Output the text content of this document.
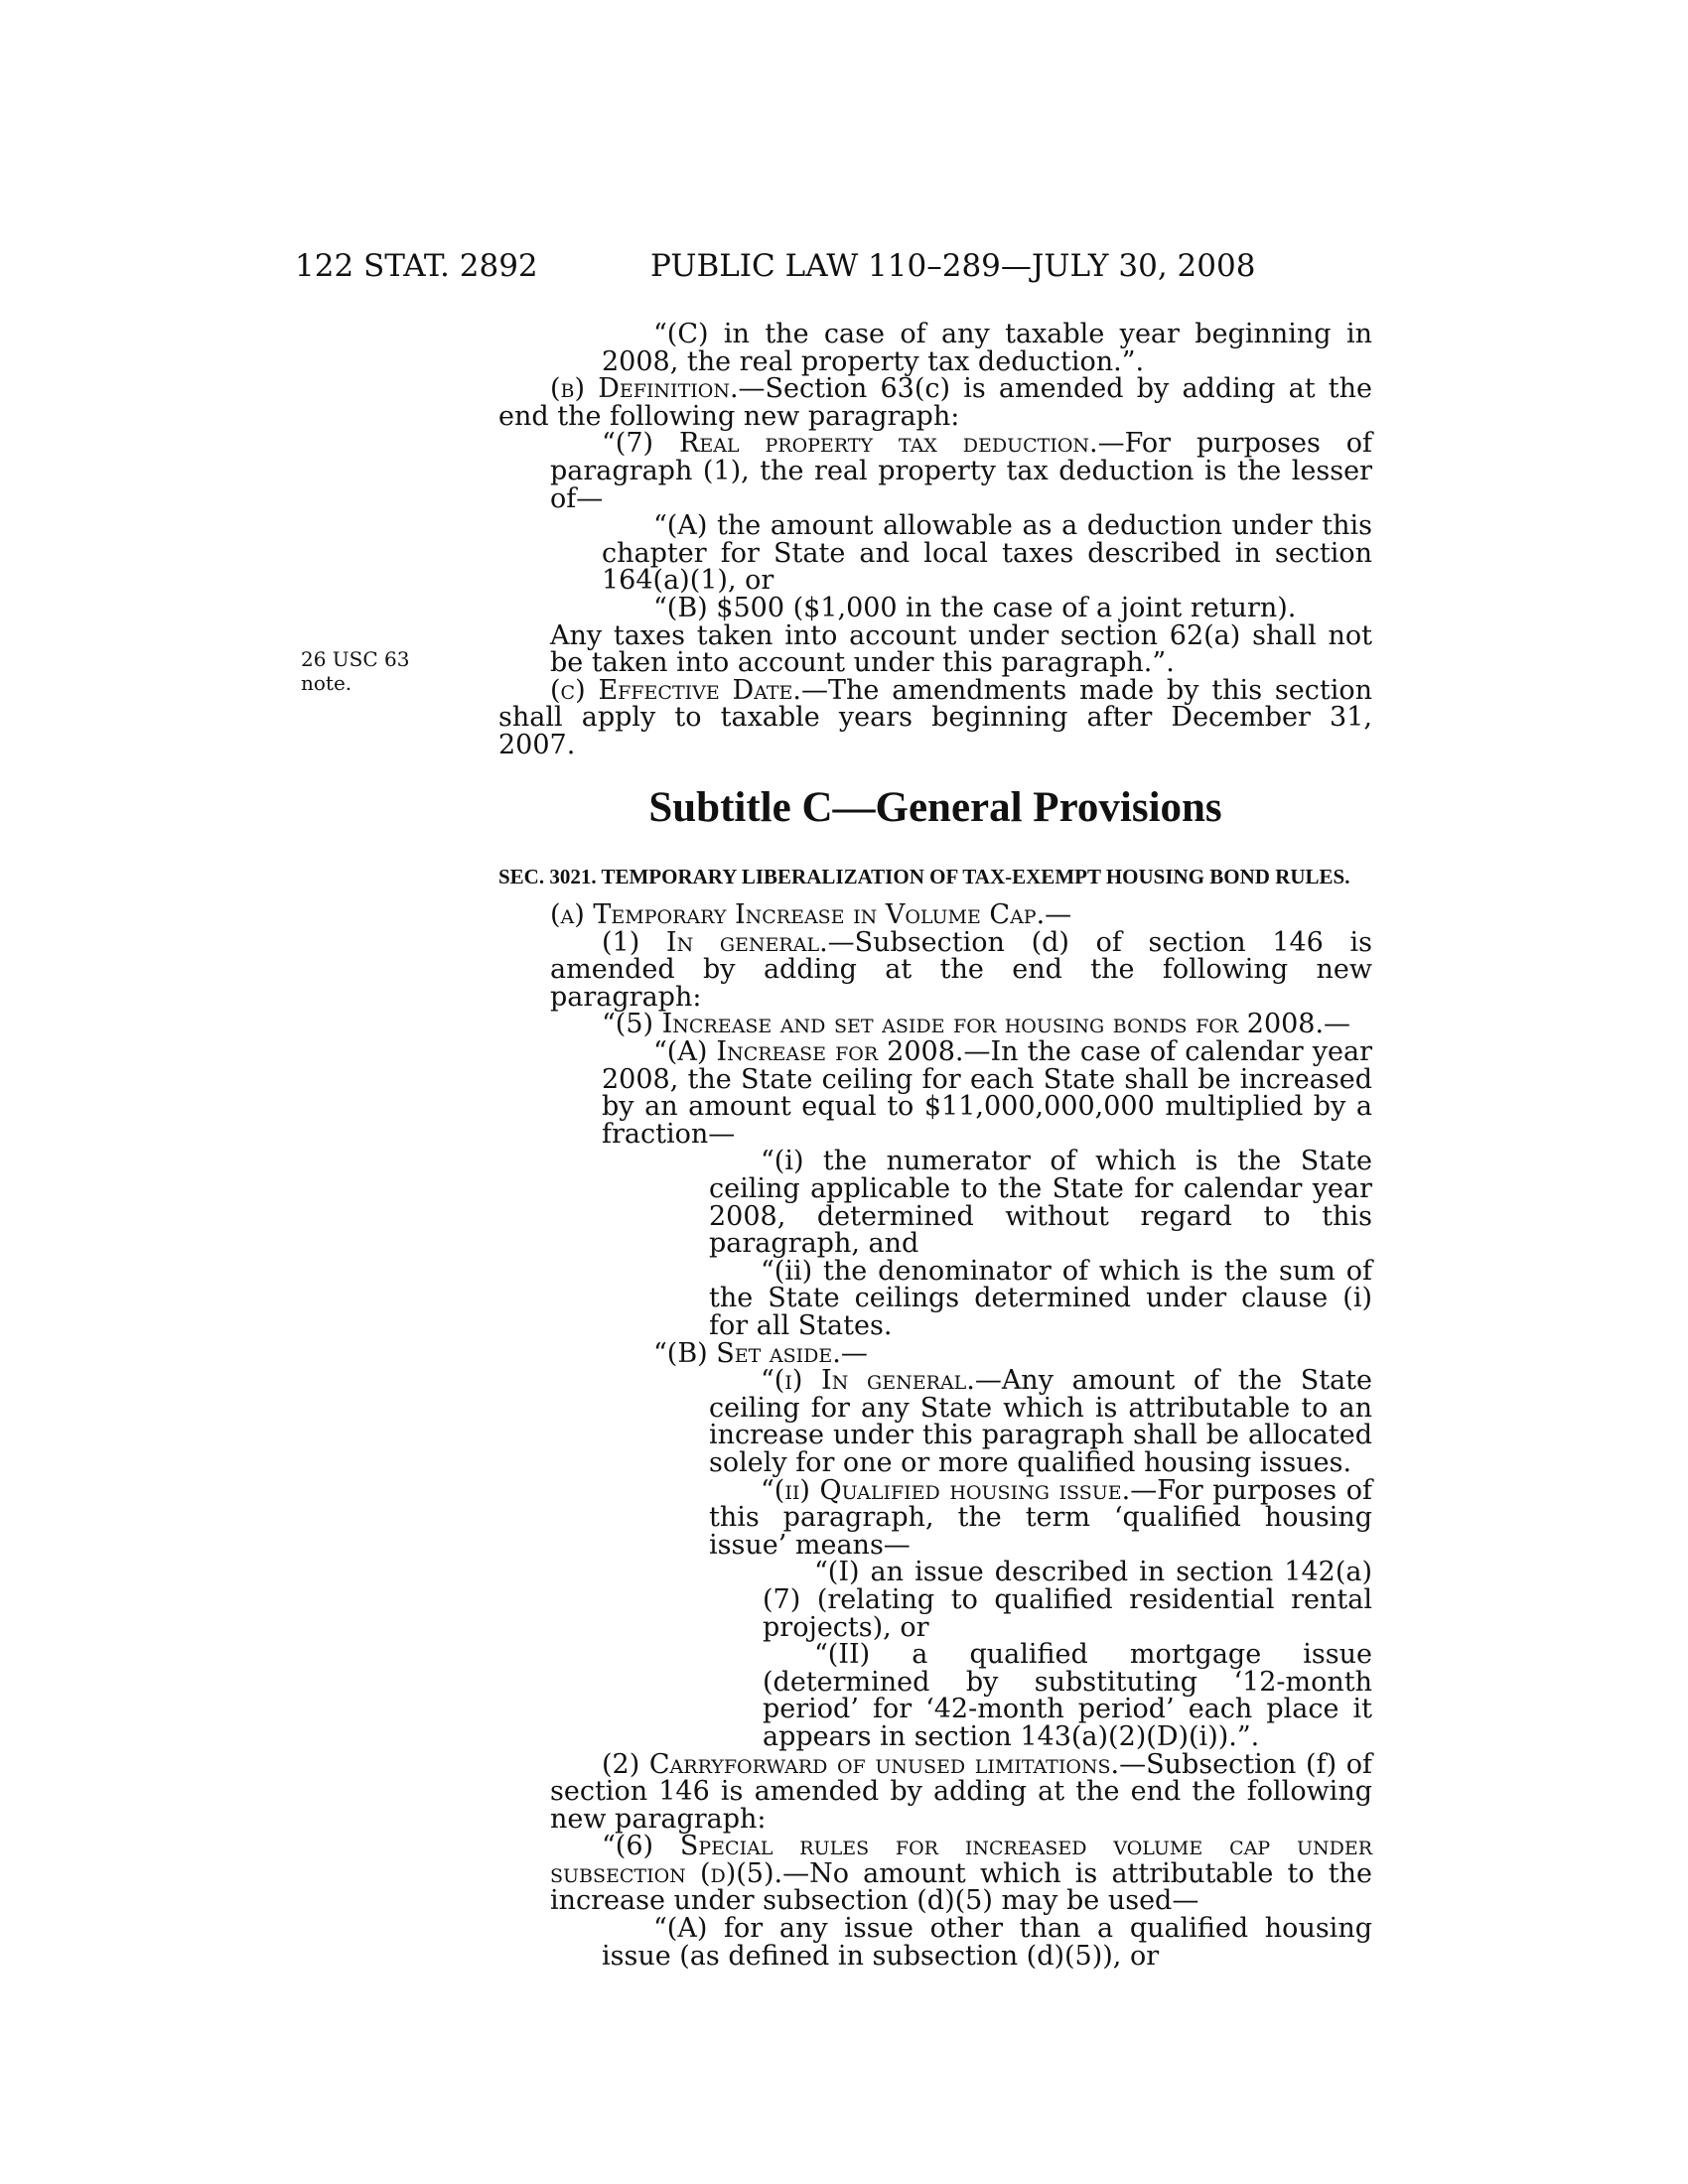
122 STAT. 2892	PUBLIC LAW 110–289—JULY 30, 2008
26 USC 63
note.

“(C) in the case of any taxable year beginning in 2008, the real property tax deduction.”.

(b) Definition.—Section 63(c) is amended by adding at the end the following new paragraph:

“(7) Real property tax deduction.—For purposes of paragraph (1), the real property tax deduction is the lesser of—

“(A) the amount allowable as a deduction under this chapter for State and local taxes described in section 164(a)(1), or

“(B) $500 ($1,000 in the case of a joint return).

Any taxes taken into account under section 62(a) shall not be taken into account under this paragraph.”.

(c) Effective Date.—The amendments made by this section shall apply to taxable years beginning after December 31, 2007.

Subtitle C—General Provisions

SEC. 3021. TEMPORARY LIBERALIZATION OF TAX-EXEMPT HOUSING BOND RULES.

(a) Temporary Increase in Volume Cap.—

(1) In general.—Subsection (d) of section 146 is amended by adding at the end the following new paragraph:

“(5) Increase and set aside for housing bonds for 2008.—

“(A) Increase for 2008.—In the case of calendar year 2008, the State ceiling for each State shall be increased by an amount equal to $11,000,000,000 multiplied by a fraction—

“(i) the numerator of which is the State ceiling applicable to the State for calendar year 2008, determined without regard to this paragraph, and

“(ii) the denominator of which is the sum of the State ceilings determined under clause (i) for all States.

“(B) Set aside.—

“(i) In general.—Any amount of the State ceiling for any State which is attributable to an increase under this paragraph shall be allocated solely for one or more qualified housing issues.

“(ii) Qualified housing issue.—For purposes of this paragraph, the term ‘qualified housing issue’ means—

“(I) an issue described in section 142(a)(7) (relating to qualified residential rental projects), or

“(II) a qualified mortgage issue (determined by substituting ‘12-month period’ for ‘42-month period’ each place it appears in section 143(a)(2)(D)(i)).”.

(2) Carryforward of unused limitations.—Subsection (f) of section 146 is amended by adding at the end the following new paragraph:

“(6) Special rules for increased volume cap under subsection (d)(5).—No amount which is attributable to the increase under subsection (d)(5) may be used—

“(A) for any issue other than a qualified housing issue (as defined in subsection (d)(5)), or
